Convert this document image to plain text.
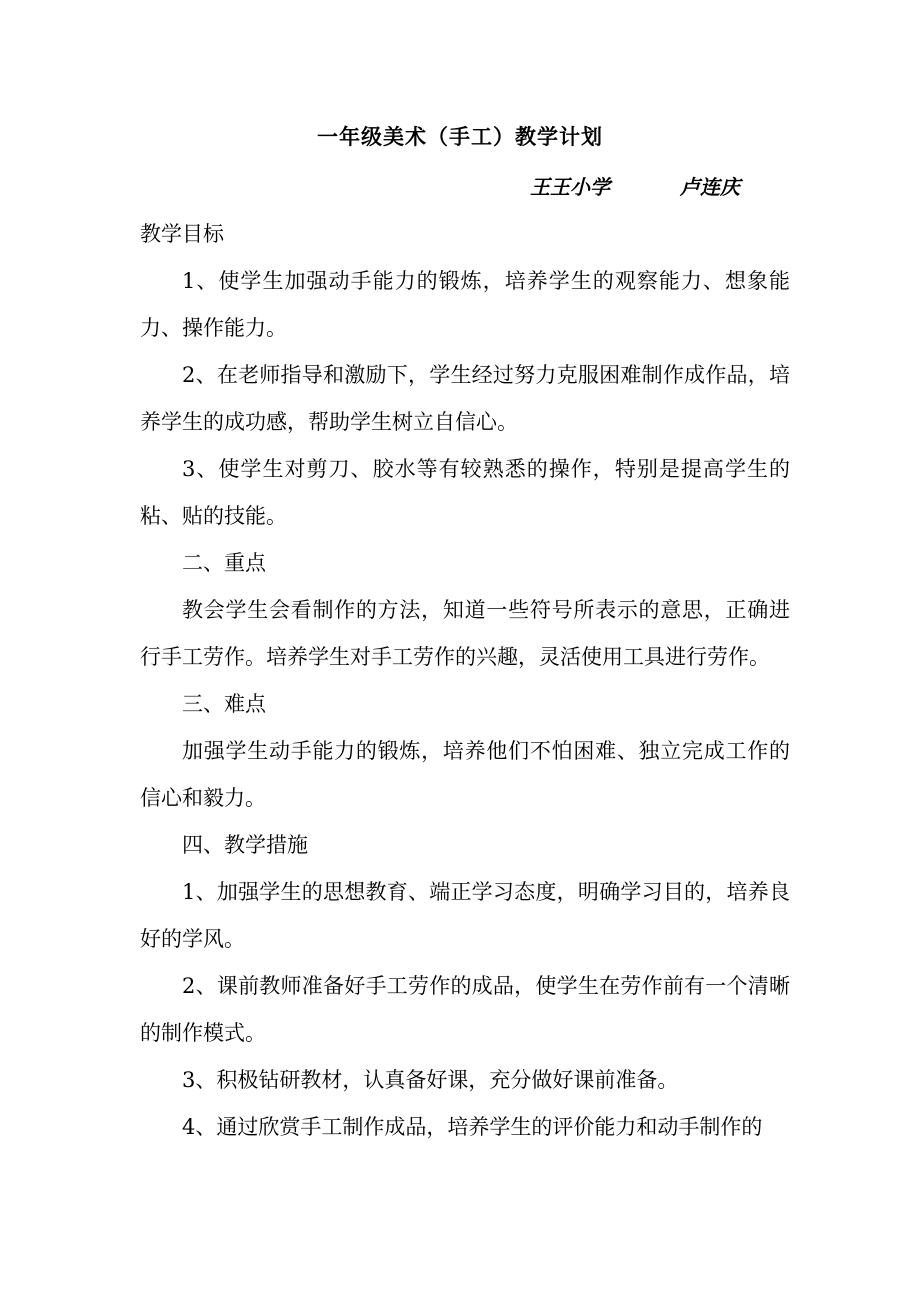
一年级美术（手工）教学计划
王王小学	卢连庆

教学目标

1、使学生加强动手能力的锻炼，培养学生的观察能力、想象能力、操作能力。

2、在老师指导和激励下，学生经过努力克服困难制作成作品，培养学生的成功感，帮助学生树立自信心。

3、使学生对剪刀、胶水等有较熟悉的操作，特别是提高学生的粘、贴的技能。

二、重点

教会学生会看制作的方法，知道一些符号所表示的意思，正确进行手工劳作。培养学生对手工劳作的兴趣，灵活使用工具进行劳作。

三、难点

加强学生动手能力的锻炼，培养他们不怕困难、独立完成工作的信心和毅力。

四、教学措施

1、加强学生的思想教育、端正学习态度，明确学习目的，培养良好的学风。

2、课前教师准备好手工劳作的成品，使学生在劳作前有一个清晰的制作模式。

3、积极钻研教材，认真备好课，充分做好课前准备。

4、通过欣赏手工制作成品，培养学生的评价能力和动手制作的
